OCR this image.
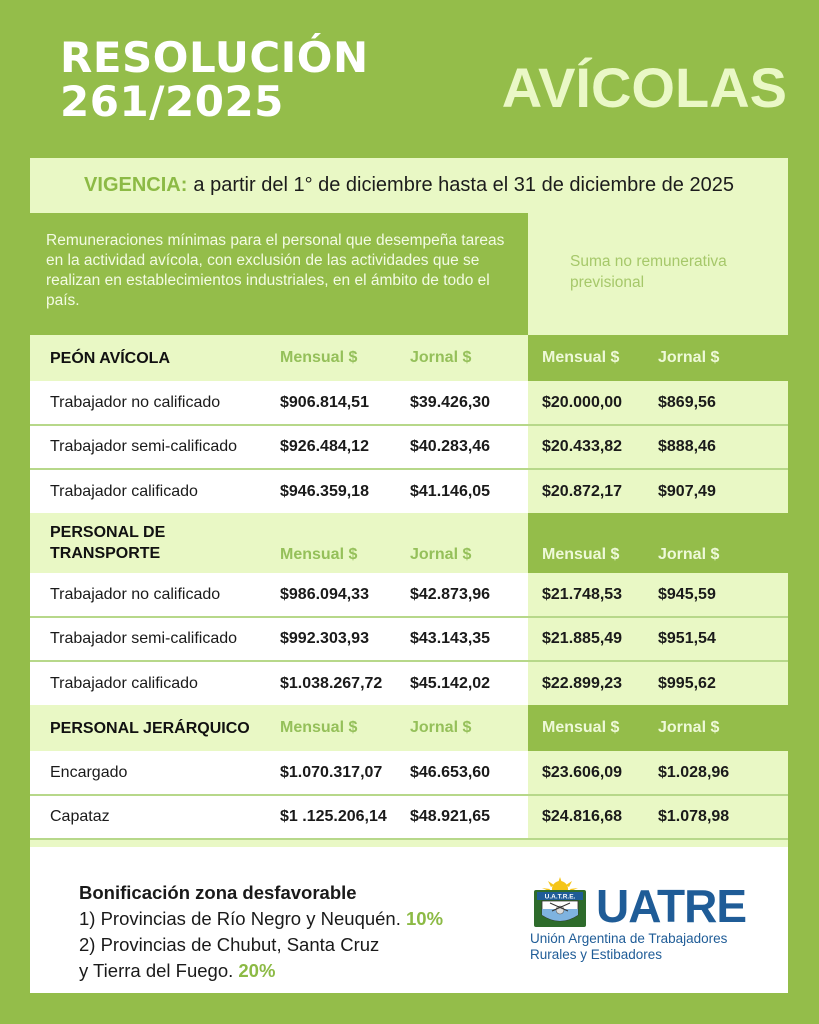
RESOLUCIÓN
261/2025	AVÍCOLAS
VIGENCIA: a partir del 1° de diciembre hasta el 31 de diciembre de 2025
Remuneraciones mínimas para el personal que desempeña tareas en la actividad avícola, con exclusión de las actividades que se realizan en establecimientos industriales, en el ámbito de todo el país.
Suma no remunerativa
previsional
PEÓN AVÍCOLA	Mensual $	Jornal $	Mensual $	Jornal $
Trabajador no calificado	$906.814,51	$39.426,30	$20.000,00	$869,56
Trabajador semi-calificado	$926.484,12	$40.283,46	$20.433,82	$888,46
Trabajador calificado	$946.359,18	$41.146,05	$20.872,17	$907,49

PERSONAL DE
TRANSPORTE	Mensual $	Jornal $	Mensual $	Jornal $
Trabajador no calificado	$986.094,33	$42.873,96	$21.748,53	$945,59
Trabajador semi-calificado	$992.303,93	$43.143,35	$21.885,49	$951,54
Trabajador calificado	$1.038.267,72	$45.142,02	$22.899,23	$995,62
PERSONAL JERÁRQUICO	Mensual $	Jornal $	Mensual $	Jornal $
Encargado	$1.070.317,07	$46.653,60	$23.606,09	$1.028,96
Capataz	$1 .125.206,14	$48.921,65	$24.816,68	$1.078,98
Bonificación zona desfavorable
1) Provincias de Río Negro y Neuquén. 10%
2) Provincias de Chubut, Santa Cruz
y Tierra del Fuego. 20%
U.A.T.R.E. UATRE
Unión Argentina de Trabajadores
Rurales y Estibadores
